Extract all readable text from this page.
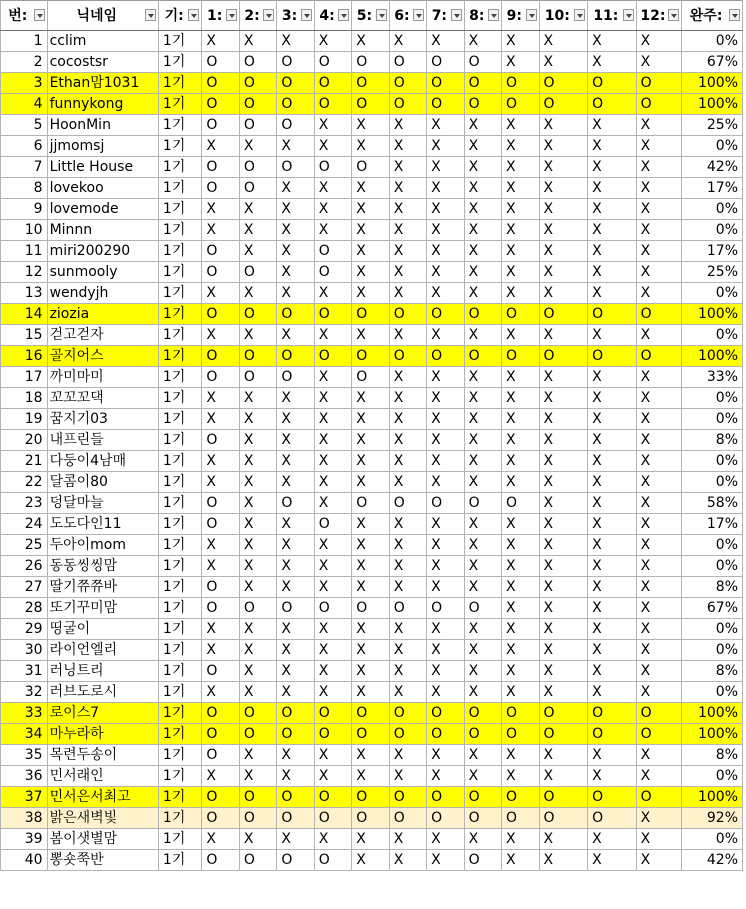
번:	닉네임	기:	1:	2:	3:	4:	5:	6:	7:	8:	9:	10:	11:	12:	완주:

1	cclim	1기	X	X	X	X	X	X	X	X	X	X	X	X	0%
2	cocostsr	1기	O	O	O	O	O	O	O	O	X	X	X	X	67%
3	Ethan맘1031	1기	O	O	O	O	O	O	O	O	O	O	O	O	100%
4	funnykong	1기	O	O	O	O	O	O	O	O	O	O	O	O	100%
5	HoonMin	1기	O	O	O	X	X	X	X	X	X	X	X	X	25%
6	jjmomsj	1기	X	X	X	X	X	X	X	X	X	X	X	X	0%
7	Little House	1기	O	O	O	O	O	X	X	X	X	X	X	X	42%
8	lovekoo	1기	O	O	X	X	X	X	X	X	X	X	X	X	17%
9	lovemode	1기	X	X	X	X	X	X	X	X	X	X	X	X	0%
10	Minnn	1기	X	X	X	X	X	X	X	X	X	X	X	X	0%
11	miri200290	1기	O	X	X	O	X	X	X	X	X	X	X	X	17%
12	sunmooly	1기	O	O	X	O	X	X	X	X	X	X	X	X	25%
13	wendyjh	1기	X	X	X	X	X	X	X	X	X	X	X	X	0%
14	ziozia	1기	O	O	O	O	O	O	O	O	O	O	O	O	100%
15	걷고걷자	1기	X	X	X	X	X	X	X	X	X	X	X	X	0%
16	골지어스	1기	O	O	O	O	O	O	O	O	O	O	O	O	100%
17	까미마미	1기	O	O	O	X	O	X	X	X	X	X	X	X	33%
18	꼬꼬꼬댁	1기	X	X	X	X	X	X	X	X	X	X	X	X	0%
19	꿈지기03	1기	X	X	X	X	X	X	X	X	X	X	X	X	0%
20	내프린들	1기	O	X	X	X	X	X	X	X	X	X	X	X	8%
21	다둥이4남매	1기	X	X	X	X	X	X	X	X	X	X	X	X	0%
22	달콤이80	1기	X	X	X	X	X	X	X	X	X	X	X	X	0%
23	덩달마늘	1기	O	X	O	X	O	O	O	O	O	X	X	X	58%
24	도도다인11	1기	O	X	X	O	X	X	X	X	X	X	X	X	17%
25	두아이mom	1기	X	X	X	X	X	X	X	X	X	X	X	X	0%
26	동동씽씽맘	1기	X	X	X	X	X	X	X	X	X	X	X	X	0%
27	딸기쮸쮸바	1기	O	X	X	X	X	X	X	X	X	X	X	X	8%
28	또기꾸미맘	1기	O	O	O	O	O	O	O	O	X	X	X	X	67%
29	띵굴이	1기	X	X	X	X	X	X	X	X	X	X	X	X	0%
30	라이언엘리	1기	X	X	X	X	X	X	X	X	X	X	X	X	0%
31	러닝트리	1기	O	X	X	X	X	X	X	X	X	X	X	X	8%
32	러브도로시	1기	X	X	X	X	X	X	X	X	X	X	X	X	0%
33	로이스7	1기	O	O	O	O	O	O	O	O	O	O	O	O	100%
34	마누라하	1기	O	O	O	O	O	O	O	O	O	O	O	O	100%
35	목련두송이	1기	O	X	X	X	X	X	X	X	X	X	X	X	8%
36	민서래인	1기	X	X	X	X	X	X	X	X	X	X	X	X	0%
37	민서은서최고	1기	O	O	O	O	O	O	O	O	O	O	O	O	100%
38	밝은새벽빛	1기	O	O	O	O	O	O	O	O	O	O	O	X	92%
39	봄이샛별맘	1기	X	X	X	X	X	X	X	X	X	X	X	X	0%
40	뽕숏쭉반	1기	O	O	O	O	X	X	X	O	X	X	X	X	42%
